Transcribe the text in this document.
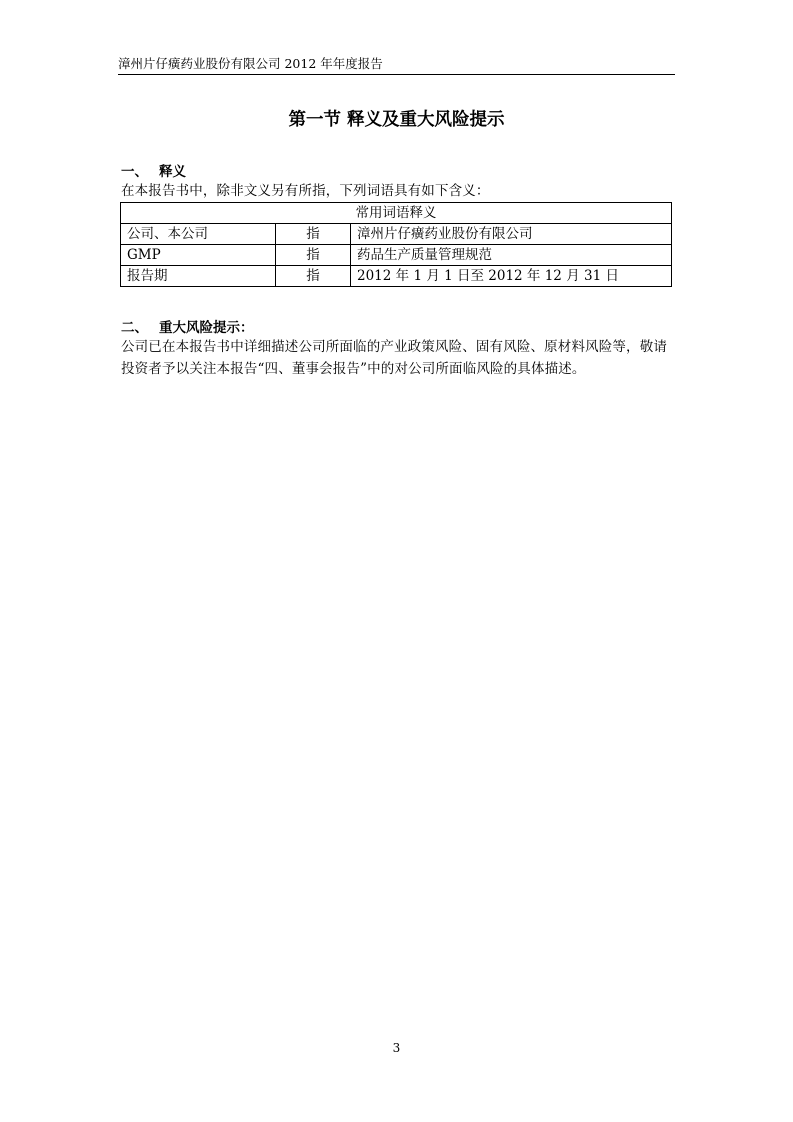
漳州片仔癀药业股份有限公司 2012 年年度报告
第一节 释义及重大风险提示
一、 释义
在本报告书中，除非文义另有所指，下列词语具有如下含义：
常用词语释义		
公司、本公司	指	漳州片仔癀药业股份有限公司
GMP	指	药品生产质量管理规范
报告期	指	2012 年 1 月 1 日至 2012 年 12 月 31 日
二、 重大风险提示：
公司已在本报告书中详细描述公司所面临的产业政策风险、固有风险、原材料风险等，敬请投资者予以关注本报告“四、董事会报告”中的对公司所面临风险的具体描述。
3
